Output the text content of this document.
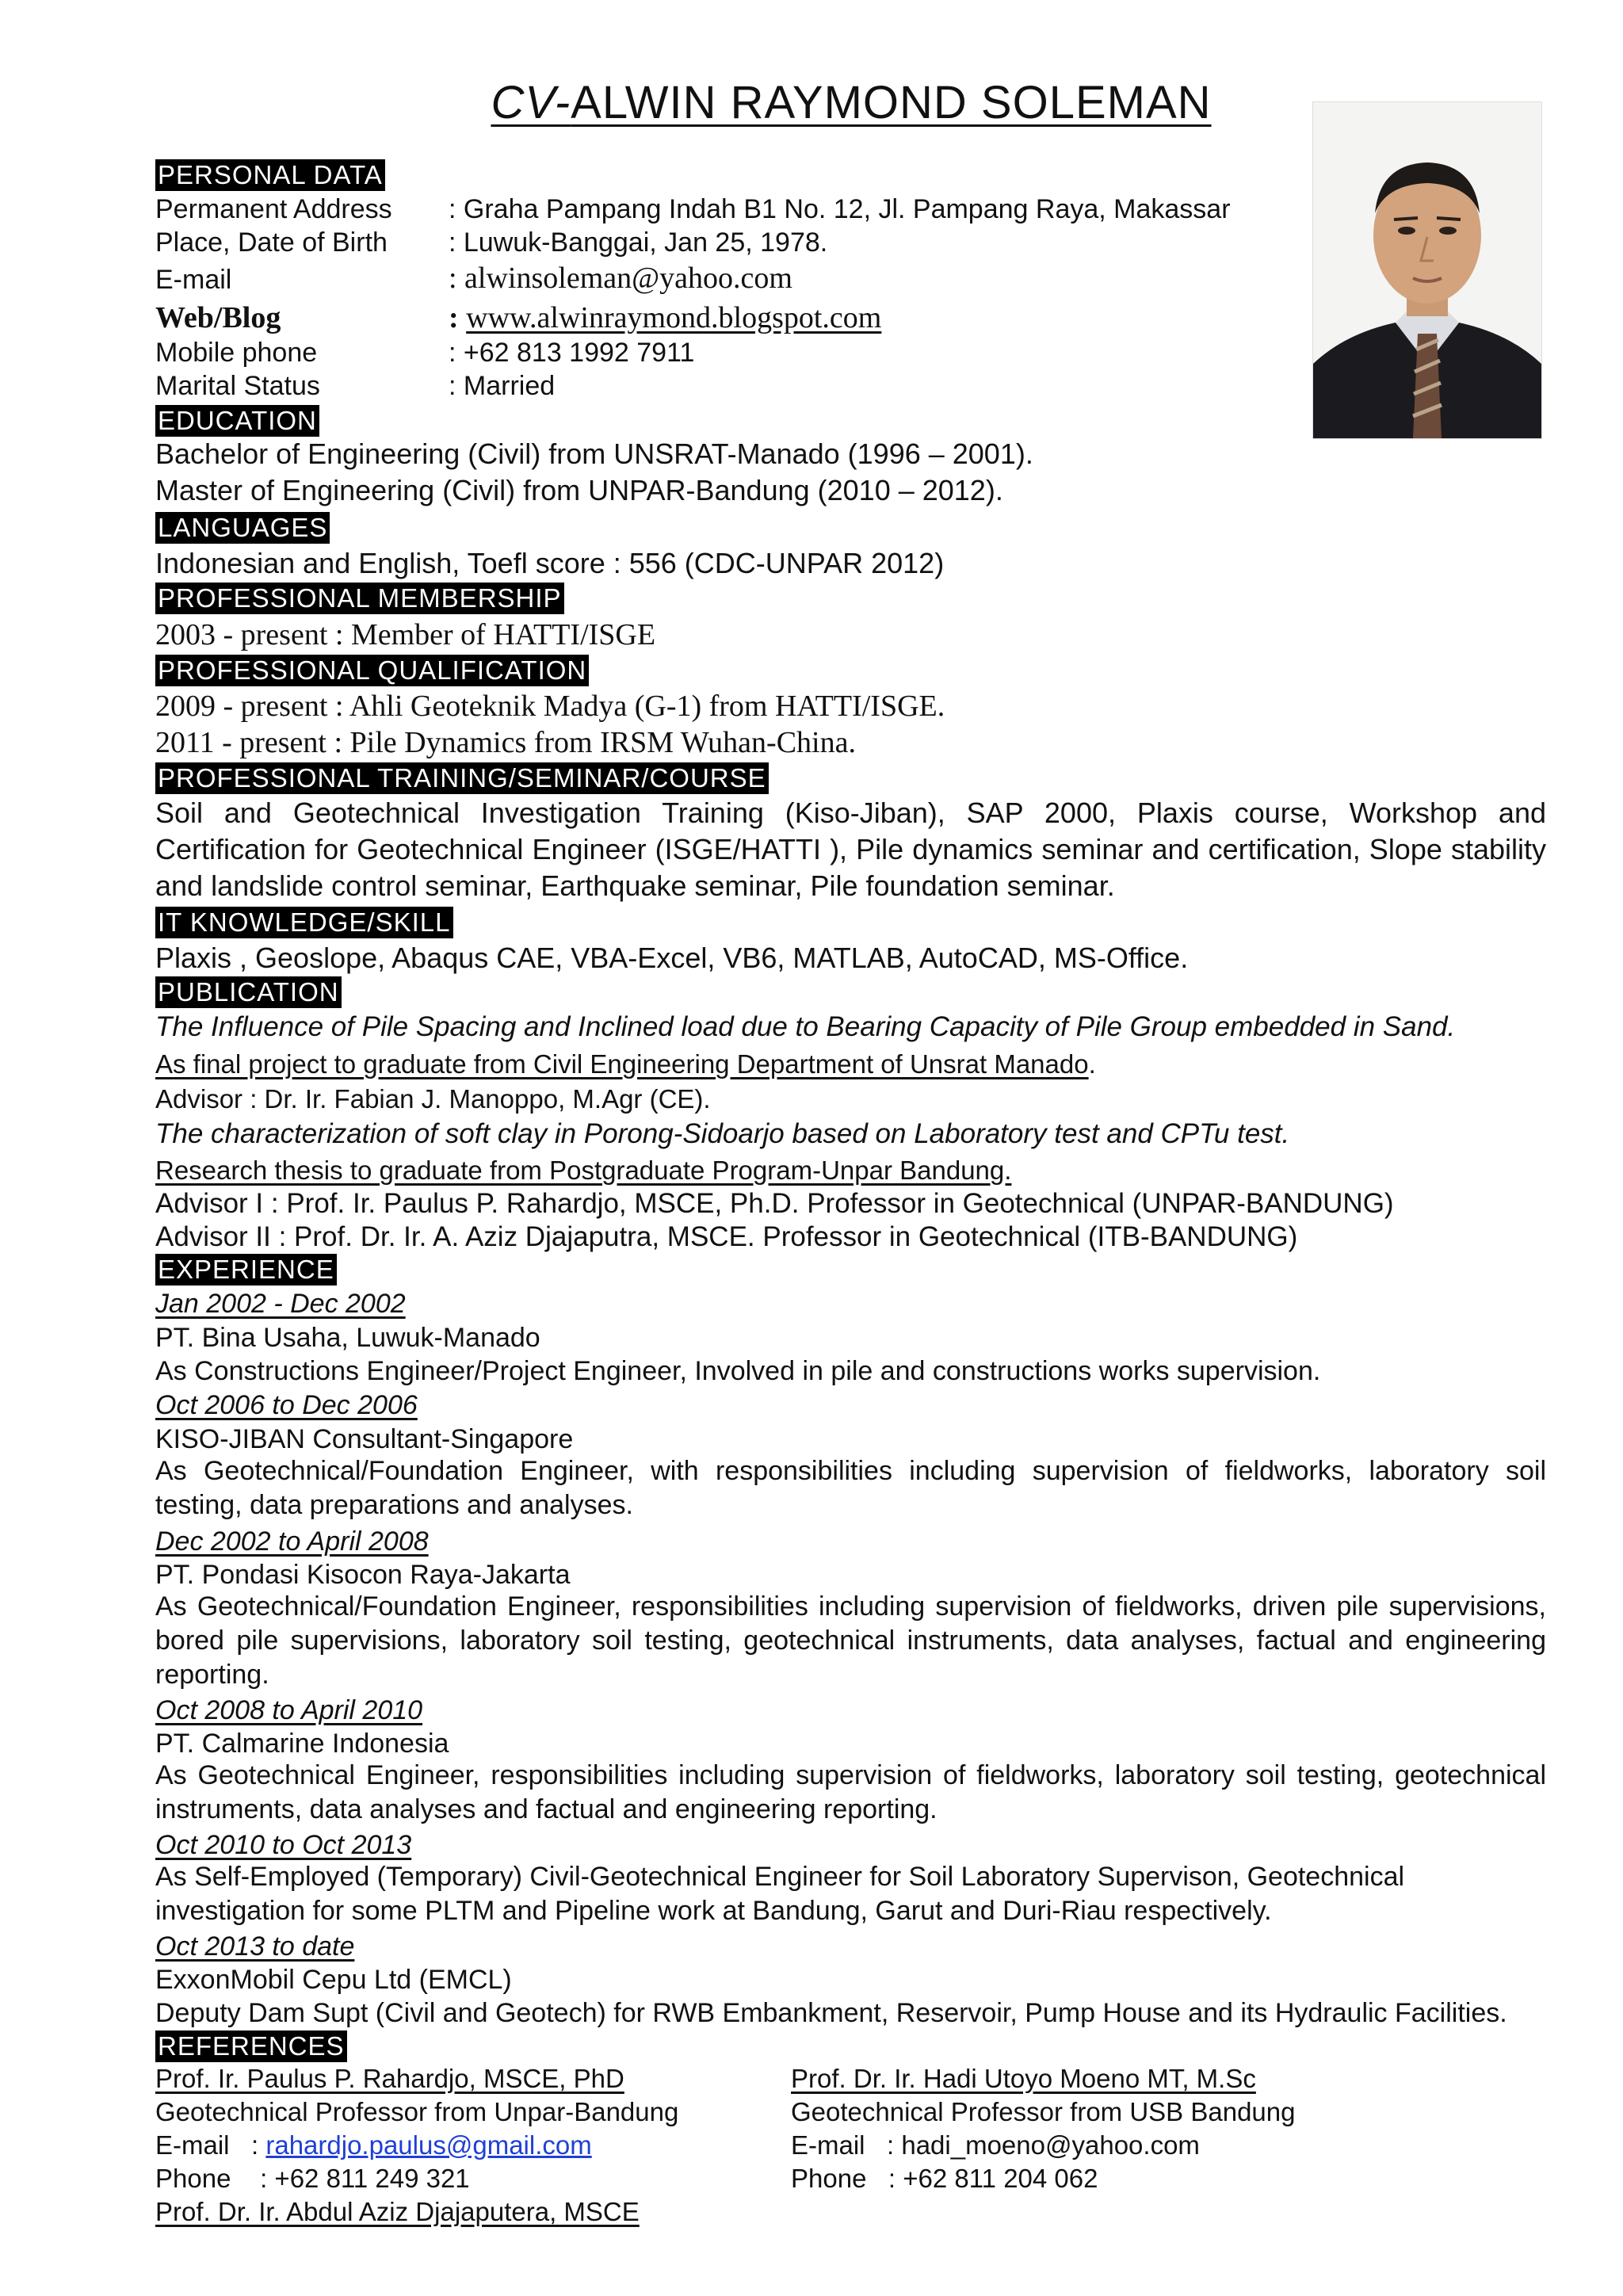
CV-ALWIN RAYMOND SOLEMAN
PERSONAL DATA
Permanent Address : Graha Pampang Indah B1 No. 12, Jl. Pampang Raya, Makassar
Place, Date of Birth : Luwuk-Banggai, Jan 25, 1978.
E-mail	: alwinsoleman@yahoo.com
Web/Blog	: www.alwinraymond.blogspot.com
Mobile phone	: +62 813 1992 7911
Marital Status	: Married
EDUCATION
Bachelor of Engineering (Civil) from UNSRAT-Manado (1996 – 2001).
Master of Engineering (Civil) from UNPAR-Bandung (2010 – 2012).
LANGUAGES
Indonesian and English, Toefl score : 556 (CDC-UNPAR 2012)
PROFESSIONAL MEMBERSHIP
2003 - present : Member of HATTI/ISGE
PROFESSIONAL QUALIFICATION
2009 - present : Ahli Geoteknik Madya (G-1) from HATTI/ISGE.
2011 - present : Pile Dynamics from IRSM Wuhan-China.
PROFESSIONAL TRAINING/SEMINAR/COURSE
Soil and Geotechnical Investigation Training (Kiso-Jiban), SAP 2000, Plaxis course, Workshop and Certification for Geotechnical Engineer (ISGE/HATTI ), Pile dynamics seminar and certification, Slope stability and landslide control seminar, Earthquake seminar, Pile foundation seminar.
IT KNOWLEDGE/SKILL
Plaxis , Geoslope, Abaqus CAE, VBA-Excel, VB6, MATLAB, AutoCAD, MS-Office.
PUBLICATION
The Influence of Pile Spacing and Inclined load due to Bearing Capacity of Pile Group embedded in Sand.
As final project to graduate from Civil Engineering Department of Unsrat Manado.
Advisor : Dr. Ir. Fabian J. Manoppo, M.Agr (CE).
The characterization of soft clay in Porong-Sidoarjo based on Laboratory test and CPTu test.
Research thesis to graduate from Postgraduate Program-Unpar Bandung.
Advisor I : Prof. Ir. Paulus P. Rahardjo, MSCE, Ph.D. Professor in Geotechnical (UNPAR-BANDUNG)
Advisor II : Prof. Dr. Ir. A. Aziz Djajaputra, MSCE. Professor in Geotechnical (ITB-BANDUNG)
EXPERIENCE
Jan 2002 - Dec 2002
PT. Bina Usaha, Luwuk-Manado
As Constructions Engineer/Project Engineer, Involved in pile and constructions works supervision.
Oct 2006 to Dec 2006
KISO-JIBAN Consultant-Singapore
As Geotechnical/Foundation Engineer, with responsibilities including supervision of fieldworks, laboratory soil testing, data preparations and analyses.
Dec 2002 to April 2008
PT. Pondasi Kisocon Raya-Jakarta
As Geotechnical/Foundation Engineer, responsibilities including supervision of fieldworks, driven pile supervisions, bored pile supervisions, laboratory soil testing, geotechnical instruments, data analyses, factual and engineering reporting.
Oct 2008 to April 2010
PT. Calmarine Indonesia
As Geotechnical Engineer, responsibilities including supervision of fieldworks, laboratory soil testing, geotechnical instruments, data analyses and factual and engineering reporting.
Oct 2010 to Oct 2013
As Self-Employed (Temporary) Civil-Geotechnical Engineer for Soil Laboratory Supervison, Geotechnical investigation for some PLTM and Pipeline work at Bandung, Garut and Duri-Riau respectively.
Oct 2013 to date
ExxonMobil Cepu Ltd (EMCL)
Deputy Dam Supt (Civil and Geotech) for RWB Embankment, Reservoir, Pump House and its Hydraulic Facilities.
REFERENCES
Prof. Ir. Paulus P. Rahardjo, MSCE, PhD
Geotechnical Professor from Unpar-Bandung
E-mail   : rahardjo.paulus@gmail.com
Phone    : +62 811 249 321
Prof. Dr. Ir. Abdul Aziz Djajaputera, MSCE
Prof. Dr. Ir. Hadi Utoyo Moeno MT, M.Sc
Geotechnical Professor from USB Bandung
E-mail   : hadi_moeno@yahoo.com
Phone   : +62 811 204 062
